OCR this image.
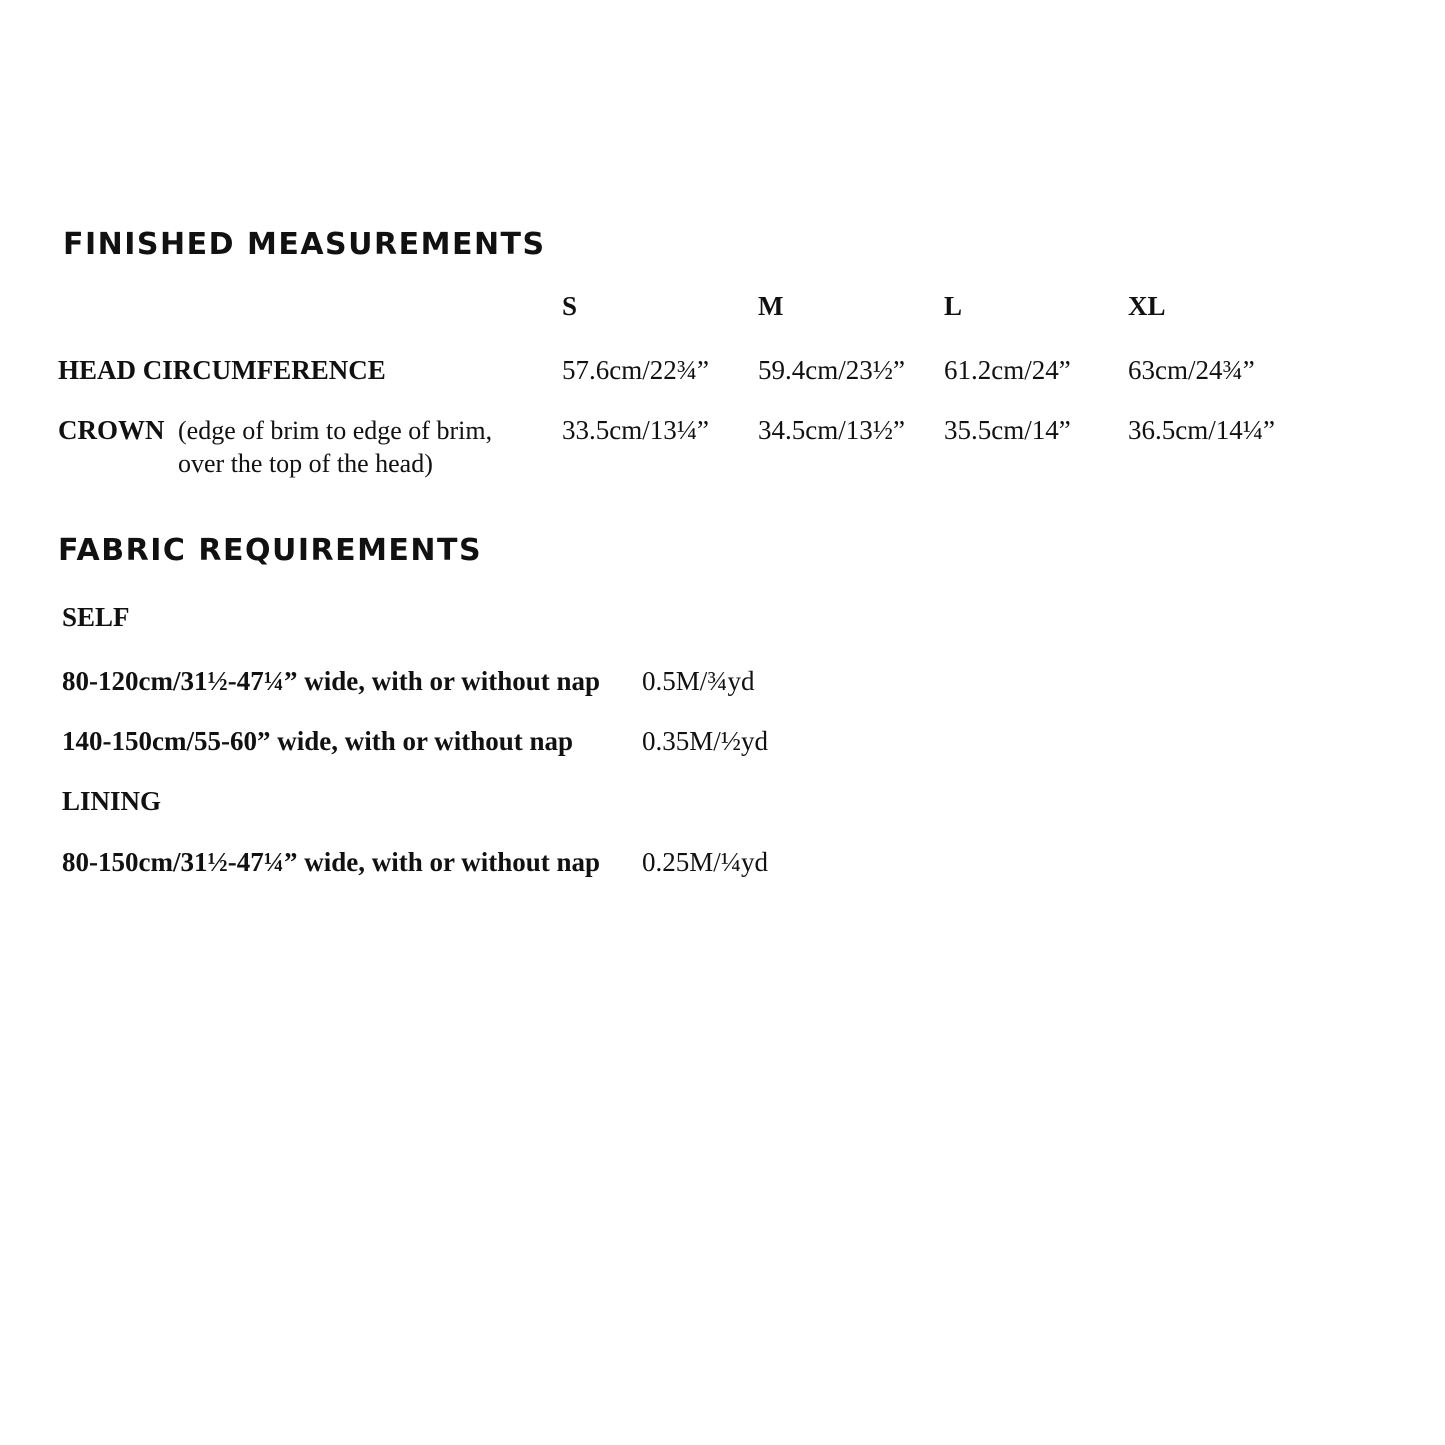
FINISHED MEASUREMENTS
S	M	L	XL
HEAD CIRCUMFERENCE	57.6cm/22¾” 59.4cm/23½” 61.2cm/24” 63cm/24¾”
CROWN (edge of brim to edge of brim,
over the top of the head)
33.5cm/13¼” 34.5cm/13½” 35.5cm/14” 36.5cm/14¼”
FABRIC REQUIREMENTS
SELF
80-120cm/31½-47¼” wide, with or without nap 0.5M/¾yd
140-150cm/55-60” wide, with or without nap	0.35M/½yd
LINING
80-150cm/31½-47¼” wide, with or without nap 0.25M/¼yd
